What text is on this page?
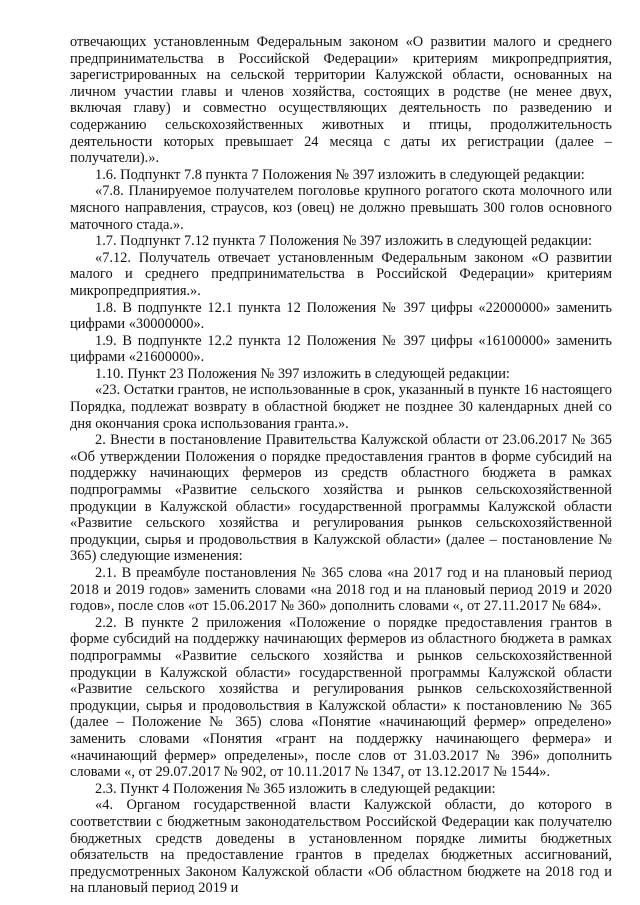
отвечающих установленным Федеральным законом «О развитии малого и среднего предпринимательства в Российской Федерации» критериям микропредприятия, зарегистрированных на сельской территории Калужской области, основанных на личном участии главы и членов хозяйства, состоящих в родстве (не менее двух, включая главу) и совместно осуществляющих деятельность по разведению и содержанию сельскохозяйственных животных и птицы, продолжительность деятельности которых превышает 24 месяца с даты их регистрации (далее – получатели).».

1.6. Подпункт 7.8 пункта 7 Положения № 397 изложить в следующей редакции:

«7.8. Планируемое получателем поголовье крупного рогатого скота молочного или мясного направления, страусов, коз (овец) не должно превышать 300 голов основного маточного стада.».

1.7. Подпункт 7.12 пункта 7 Положения № 397 изложить в следующей редакции:

«7.12. Получатель отвечает установленным Федеральным законом «О развитии малого и среднего предпринимательства в Российской Федерации» критериям микропредприятия.».

1.8. В подпункте 12.1 пункта 12 Положения № 397 цифры «22000000» заменить цифрами «30000000».

1.9. В подпункте 12.2 пункта 12 Положения № 397 цифры «16100000» заменить цифрами «21600000».

1.10. Пункт 23 Положения № 397 изложить в следующей редакции:

«23. Остатки грантов, не использованные в срок, указанный в пункте 16 настоящего Порядка, подлежат возврату в областной бюджет не позднее 30 календарных дней со дня окончания срока использования гранта.».

2. Внести в постановление Правительства Калужской области от 23.06.2017 № 365 «Об утверждении Положения о порядке предоставления грантов в форме субсидий на поддержку начинающих фермеров из средств областного бюджета в рамках подпрограммы «Развитие сельского хозяйства и рынков сельскохозяйственной продукции в Калужской области» государственной программы Калужской области «Развитие сельского хозяйства и регулирования рынков сельскохозяйственной продукции, сырья и продовольствия в Калужской области» (далее – постановление № 365) следующие изменения:

2.1. В преамбуле постановления № 365 слова «на 2017 год и на плановый период 2018 и 2019 годов» заменить словами «на 2018 год и на плановый период 2019 и 2020 годов», после слов «от 15.06.2017 № 360» дополнить словами «, от 27.11.2017 № 684».

2.2. В пункте 2 приложения «Положение о порядке предоставления грантов в форме субсидий на поддержку начинающих фермеров из областного бюджета в рамках подпрограммы «Развитие сельского хозяйства и рынков сельскохозяйственной продукции в Калужской области» государственной программы Калужской области «Развитие сельского хозяйства и регулирования рынков сельскохозяйственной продукции, сырья и продовольствия в Калужской области» к постановлению № 365 (далее – Положение № 365) слова «Понятие «начинающий фермер» определено» заменить словами «Понятия «грант на поддержку начинающего фермера» и «начинающий фермер» определены», после слов от 31.03.2017 № 396» дополнить словами «, от 29.07.2017 № 902, от 10.11.2017 № 1347, от 13.12.2017 № 1544».

2.3. Пункт 4 Положения № 365 изложить в следующей редакции:

«4. Органом государственной власти Калужской области, до которого в соответствии с бюджетным законодательством Российской Федерации как получателю бюджетных средств доведены в установленном порядке лимиты бюджетных обязательств на предоставление грантов в пределах бюджетных ассигнований, предусмотренных Законом Калужской области «Об областном бюджете на 2018 год и на плановый период 2019 и
